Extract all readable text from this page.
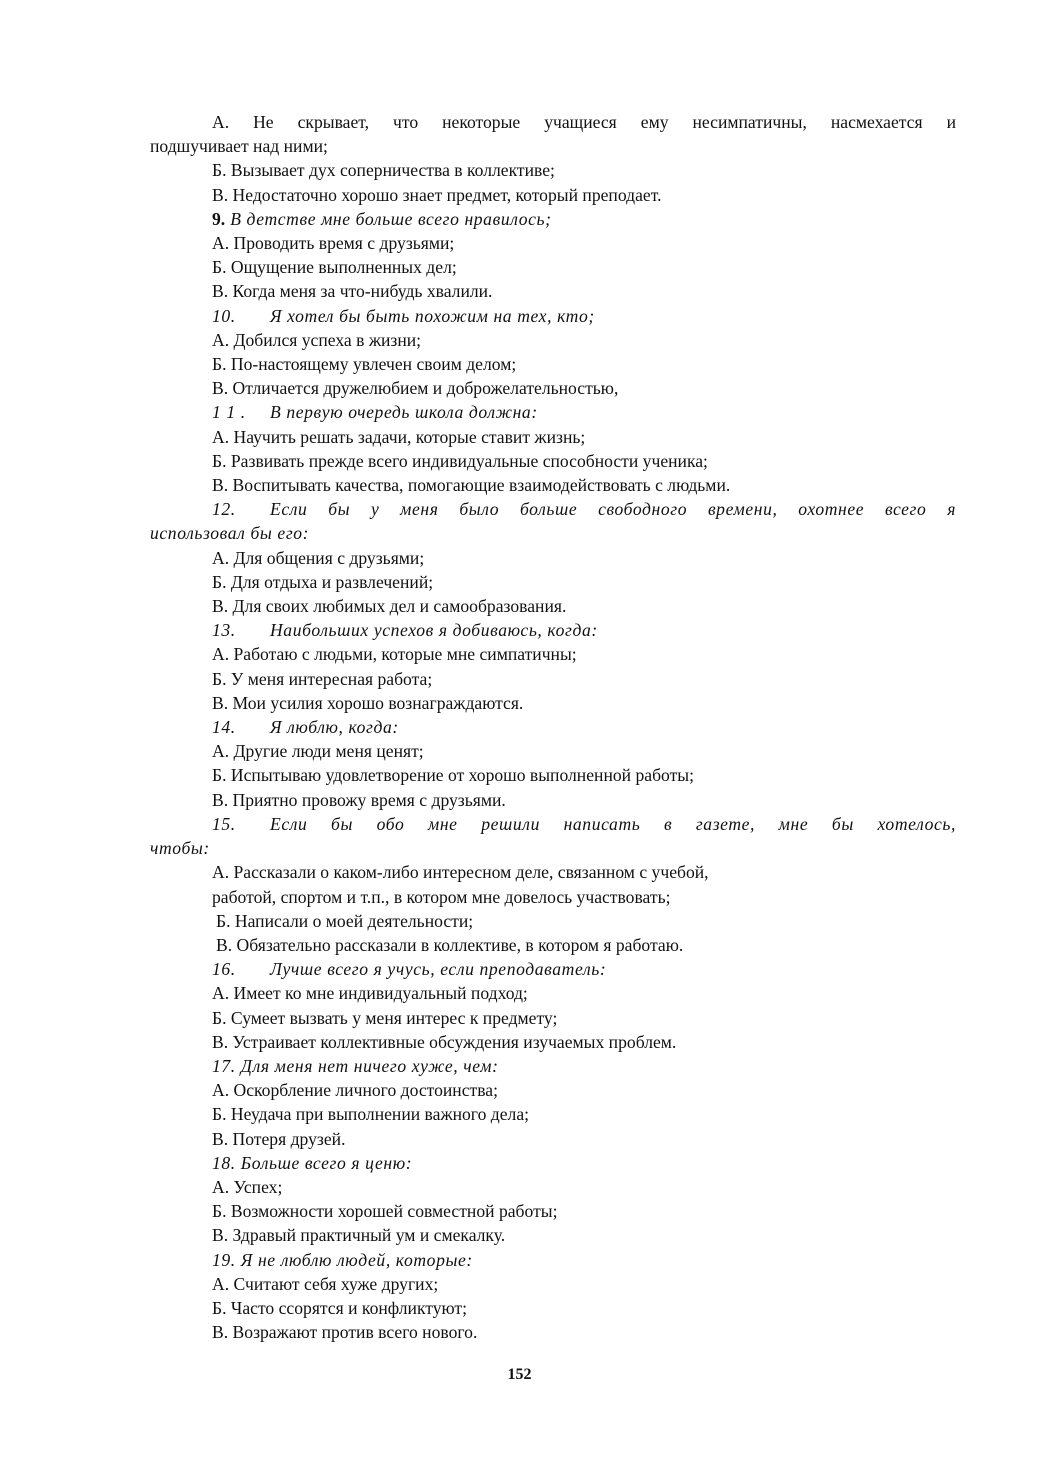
А. Не скрывает, что некоторые учащиеся ему несимпатичны, насмехается и
подшучивает над ними;
Б. Вызывает дух соперничества в коллективе;
В. Недостаточно хорошо знает предмет, который преподает.
9. В детстве мне больше всего нравилось;
А. Проводить время с друзьями;
Б. Ощущение выполненных дел;
В. Когда меня за что-нибудь хвалили.
10. Я хотел бы быть похожим на тех, кто;
А. Добился успеха в жизни;
Б. По-настоящему увлечен своим делом;
В. Отличается дружелюбием и доброжелательностью,
1 1 . В первую очередь школа должна:
А. Научить решать задачи, которые ставит жизнь;
Б. Развивать прежде всего индивидуальные способности ученика;
В. Воспитывать качества, помогающие взаимодействовать с людьми.
12. Если бы у меня было больше свободного времени, охотнее всего я
использовал бы его:
А. Для общения с друзьями;
Б. Для отдыха и развлечений;
В. Для своих любимых дел и самообразования.
13. Наибольших успехов я добиваюсь, когда:
А. Работаю с людьми, которые мне симпатичны;
Б. У меня интересная работа;
В. Мои усилия хорошо вознаграждаются.
14. Я люблю, когда:
А. Другие люди меня ценят;
Б. Испытываю удовлетворение от хорошо выполненной работы;
В. Приятно провожу время с друзьями.
15. Если бы обо мне решили написать в газете, мне бы хотелось,
чтобы:
А. Рассказали о каком-либо интересном деле, связанном с учебой,
работой, спортом и т.п., в котором мне довелось участвовать;
Б. Написали о моей деятельности;
В. Обязательно рассказали в коллективе, в котором я работаю.
16. Лучше всего я учусь, если преподаватель:
А. Имеет ко мне индивидуальный подход;
Б. Сумеет вызвать у меня интерес к предмету;
В. Устраивает коллективные обсуждения изучаемых проблем.
17. Для меня нет ничего хуже, чем:
А. Оскорбление личного достоинства;
Б. Неудача при выполнении важного дела;
В. Потеря друзей.
18. Больше всего я ценю:
А. Успех;
Б. Возможности хорошей совместной работы;
В. Здравый практичный ум и смекалку.
19. Я не люблю людей, которые:
А. Считают себя хуже других;
Б. Часто ссорятся и конфликтуют;
В. Возражают против всего нового.
152
